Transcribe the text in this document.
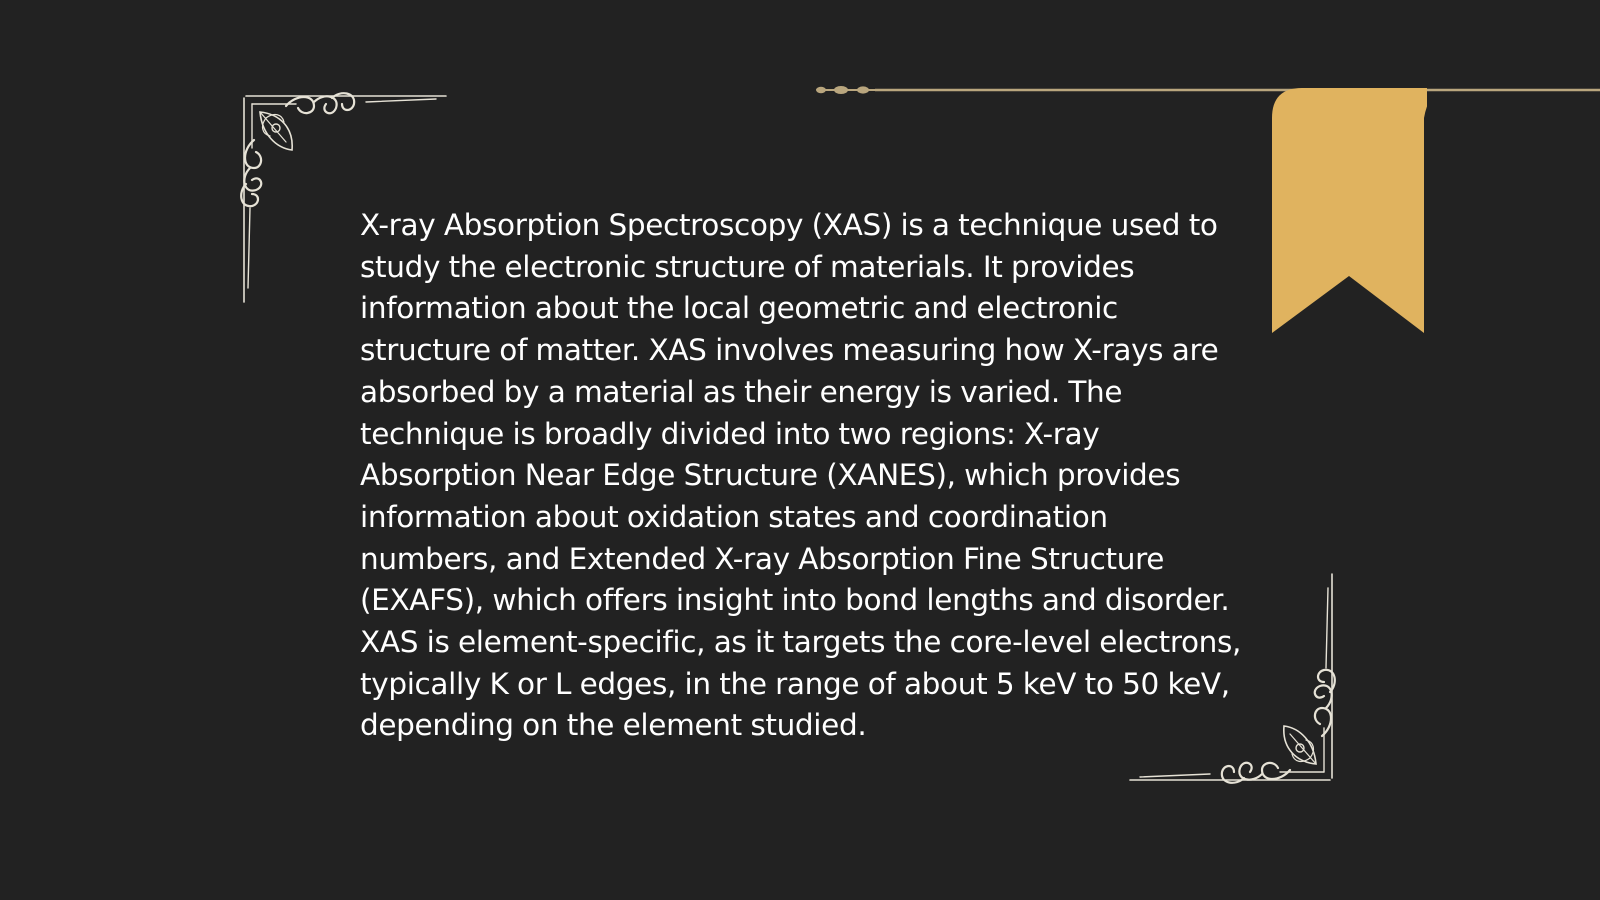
X-ray Absorption Spectroscopy (XAS) is a technique used to study the electronic structure of materials. It provides information about the local geometric and electronic structure of matter. XAS involves measuring how X-rays are absorbed by a material as their energy is varied. The technique is broadly divided into two regions: X-ray Absorption Near Edge Structure (XANES), which provides information about oxidation states and coordination numbers, and Extended X-ray Absorption Fine Structure (EXAFS), which offers insight into bond lengths and disorder. XAS is element-specific, as it targets the core-level electrons, typically K or L edges, in the range of about 5 keV to 50 keV, depending on the element studied.
